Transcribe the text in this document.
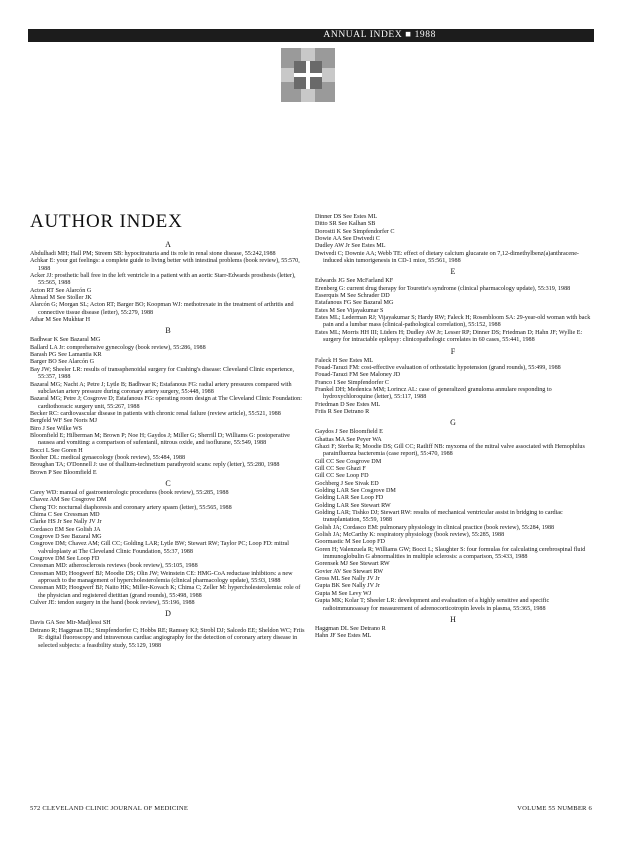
ANNUAL INDEX ■ 1988
AUTHOR INDEX
A

Abdulhadi MH; Hall PM; Streem SB: hypocitraturia and its role in renal stone disease, 55:242,1988

Achkar E: your gut feelings: a complete guide to living better with intestinal problems (book review), 55:570, 1988

Acker JJ: prosthetic ball free in the left ventricle in a patient with an aortic Starr-Edwards prosthesis (letter), 55:565, 1988

Acton RT See Alarcón G

Ahmad M See Stoller JK

Alarcón G; Morgan SL; Acton RT; Barger BO; Koopman WJ: methotrexate in the treatment of arthritis and connective tissue disease (letter), 55:279, 1988

Athar M See Mukhtar H

B

Badhwar K See Bazaral MG

Ballard LA Jr: comprehensive gynecology (book review), 55:286, 1988

Barash PG See Lamantia KR

Barger BO See Alarcón G

Bay JW; Sheeler LR: results of transsphenoidal surgery for Cushing's disease: Cleveland Clinic experience, 55:357, 1988

Bazaral MG; Nacht A; Petre J; Lytle B; Badhwar K; Estafanous FG: radial artery pressures compared with subclavian artery pressure during coronary artery surgery, 55:448, 1988

Bazaral MG; Petre J; Cosgrove D; Estafanous FG: operating room design at The Cleveland Clinic Foundation: cardiothoracic surgery unit, 55:267, 1988

Becker RC: cardiovascular disease in patients with chronic renal failure (review article), 55:521, 1988

Bergfeld WF See Noris MJ

Biro J See Wilke WS

Bloomfield E; Hilberman M; Brown P; Noe H; Gaydos J; Miller G; Sherrill D; Williams G: postoperative nausea and vomiting: a comparison of sufentanil, nitrous oxide, and isoflurane, 55:549, 1988

Bocci L See Goren H

Booher DL: medical gynaecology (book review), 55:484, 1988

Broughan TA; O'Donnell J: use of thallium-technetium parathyroid scans: reply (letter), 55:280, 1988

Brown P See Bloomfield E

C

Carey WD: manual of gastroenterologic procedures (book review), 55:285, 1988

Chavez AM See Cosgrove DM

Cheng TO: nocturnal diaphoresis and coronary artery spasm (letter), 55:565, 1988

Chima C See Cressman MD

Clarke HS Jr See Nally JV Jr

Cordasco EM See Golish JA

Cosgrove D See Bazaral MG

Cosgrove DM; Chavez AM; Gill CC; Golding LAR; Lytle BW; Stewart RW; Taylor PC; Loop FD: mitral valvuloplasty at The Cleveland Clinic Foundation, 55:37, 1988

Cosgrove DM See Loop FD

Cressman MD: atherosclerosis reviews (book review), 55:105, 1988

Cressman MD; Hoogwerf BJ; Moodie DS; Olin JW; Weinstein CE: HMG-CoA reductase inhibitors: a new approach to the management of hypercholesterolemia (clinical pharmacology update), 55:93, 1988

Cressman MD; Hoogwerf BJ; Naito HK; Miller-Kovach K; Chima C; Zeller M: hypercholesterolemia: role of the physician and registered dietitian (grand rounds), 55:498, 1988

Culver JE: tendon surgery in the hand (book review), 55:196, 1988

D

Davis GA See Mir-Madjlessi SH

Detrano R; Haggman DL; Simpfendorfer C; Hobbs RE; Ramsey KJ; Strobl DJ; Salcedo EE; Sheldon WC; Friis R: digital fluoroscopy and intravenous cardiac angiography for the detection of coronary artery disease in selected subjects: a feasibility study, 55:129, 1988

Dinner DS See Estes ML

Ditto SR See Kalhan SB

Dorostti K See Simpfendorfer C

Dowie AA See Dwivedi C

Dudley AW Jr See Estes ML

Dwivedi C; Downie AA; Webb TE: effect of dietary calcium glucarate on 7,12-dimethylbenz(a)anthracene-induced skin tumorigenesis in CD-1 mice, 55:561, 1988

E

Edwards JG See McFarland KF

Erenberg G: current drug therapy for Tourette's syndrome (clinical pharmacology update), 55:319, 1988

Esserquis M See Schrader DD

Estafanous FG See Bazaral MG

Estes M See Vijayakumar S

Estes ML; Lederman RJ; Vijayakumar S; Hardy RW; Faleck H; Rosenbloom SA: 29-year-old woman with back pain and a lumbar mass (clinical-pathological correlation), 55:152, 1988

Estes ML; Morris HH III; Lüders H; Dudley AW Jr; Lesser RP; Dinner DS; Friedman D; Hahn JF; Wyllie E: surgery for intractable epilepsy: clinicopathologic correlates in 60 cases, 55:441, 1988

F

Faleck H See Estes ML

Fouad-Tarazi FM: cost-effective evaluation of orthostatic hypotension (grand rounds), 55:499, 1988

Fouad-Tarazi FM See Maloney JD

Franco I See Simpfendorfer C

Frankel DH; Medenica MM; Lorincz AL: case of generalized granuloma annulare responding to hydroxychloroquine (letter), 55:117, 1988

Friedman D See Estes ML

Friis R See Detrano R

G

Gaydos J See Bloomfield E

Ghattas MA See Peyer WA

Ghazi F; Sterba R; Moodie DS; Gill CC; Ratliff NB: myxoma of the mitral valve associated with Hemophilus parainfluenza bacteremia (case report), 55:470, 1988

Gill CC See Cosgrove DM

Gill CC See Ghazi F

Gill CC See Loop FD

Gochberg J See Sivak ED

Golding LAR See Cosgrove DM

Golding LAR See Loop FD

Golding LAR See Stewart RW

Golding LAR; Tishko DJ; Stewart RW: results of mechanical ventricular assist in bridging to cardiac transplantation, 55:59, 1988

Golish JA; Cordasco EM: pulmonary physiology in clinical practice (book review), 55:284, 1988

Golish JA; McCarthy K: respiratory physiology (book review), 55:285, 1988

Goormastic M See Loop FD

Goren H; Valenzuela R; Williams GW; Bocci L; Slaughter S: four formulas for calculating cerebrospinal fluid immunoglobulin G abnormalities in multiple sclerosis: a comparison, 55:433, 1988

Gorensek MJ See Stewart RW

Govier AV See Stewart RW

Gross ML See Nally JV Jr

Gupta BK See Nally JV Jr

Gupta M See Levy WJ

Gupta MK; Kolar T; Sheeler LR: development and evaluation of a highly sensitive and specific radioimmunoassay for measurement of adrenocorticotropin levels in plasma, 55:365, 1988

H

Haggman DL See Detrano R

Hahn JF See Estes ML

572 CLEVELAND CLINIC JOURNAL OF MEDICINE	VOLUME 55 NUMBER 6
